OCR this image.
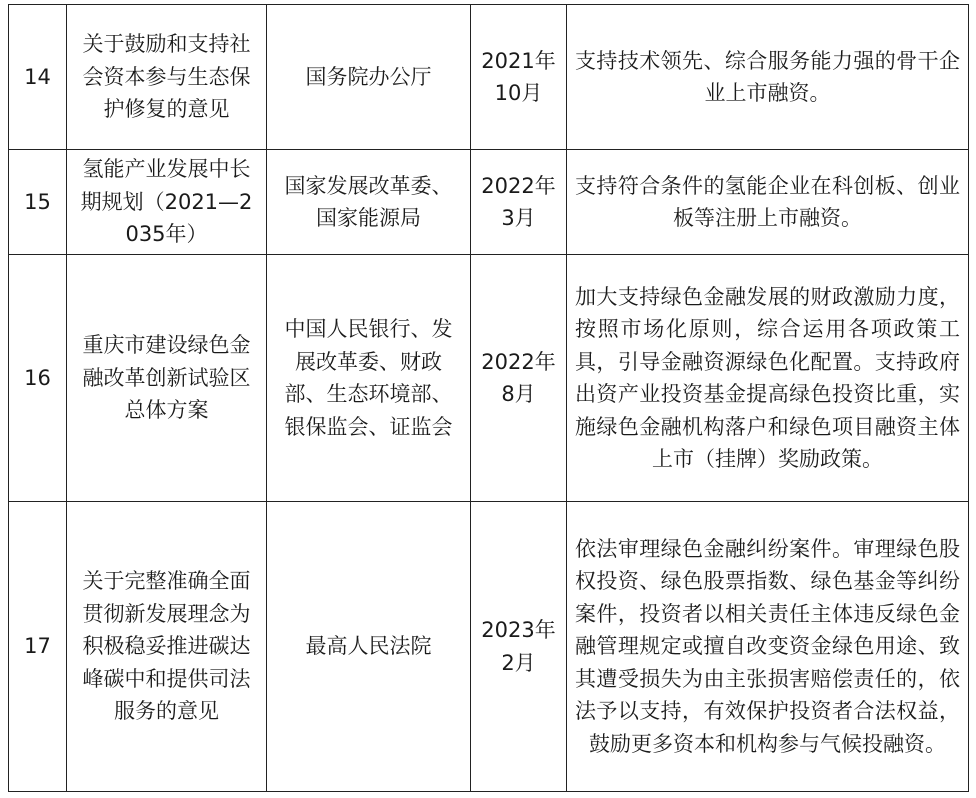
14	关于鼓励和支持社会资本参与生态保护修复的意见	国务院办公厅	2021年10月	支持技术领先、综合服务能力强的骨干企业上市融资。
15	氢能产业发展中长期规划（2021—2035年）	国家发展改革委、国家能源局	2022年3月	支持符合条件的氢能企业在科创板、创业板等注册上市融资。
16	重庆市建设绿色金融改革创新试验区总体方案	中国人民银行、发展改革委、财政部、生态环境部、银保监会、证监会	2022年8月	加大支持绿色金融发展的财政激励力度，按照市场化原则，综合运用各项政策工具，引导金融资源绿色化配置。支持政府出资产业投资基金提高绿色投资比重，实施绿色金融机构落户和绿色项目融资主体上市（挂牌）奖励政策。
17	关于完整准确全面贯彻新发展理念为积极稳妥推进碳达峰碳中和提供司法服务的意见	最高人民法院	2023年2月	依法审理绿色金融纠纷案件。审理绿色股权投资、绿色股票指数、绿色基金等纠纷案件，投资者以相关责任主体违反绿色金融管理规定或擅自改变资金绿色用途、致其遭受损失为由主张损害赔偿责任的，依法予以支持，有效保护投资者合法权益，鼓励更多资本和机构参与气候投融资。
